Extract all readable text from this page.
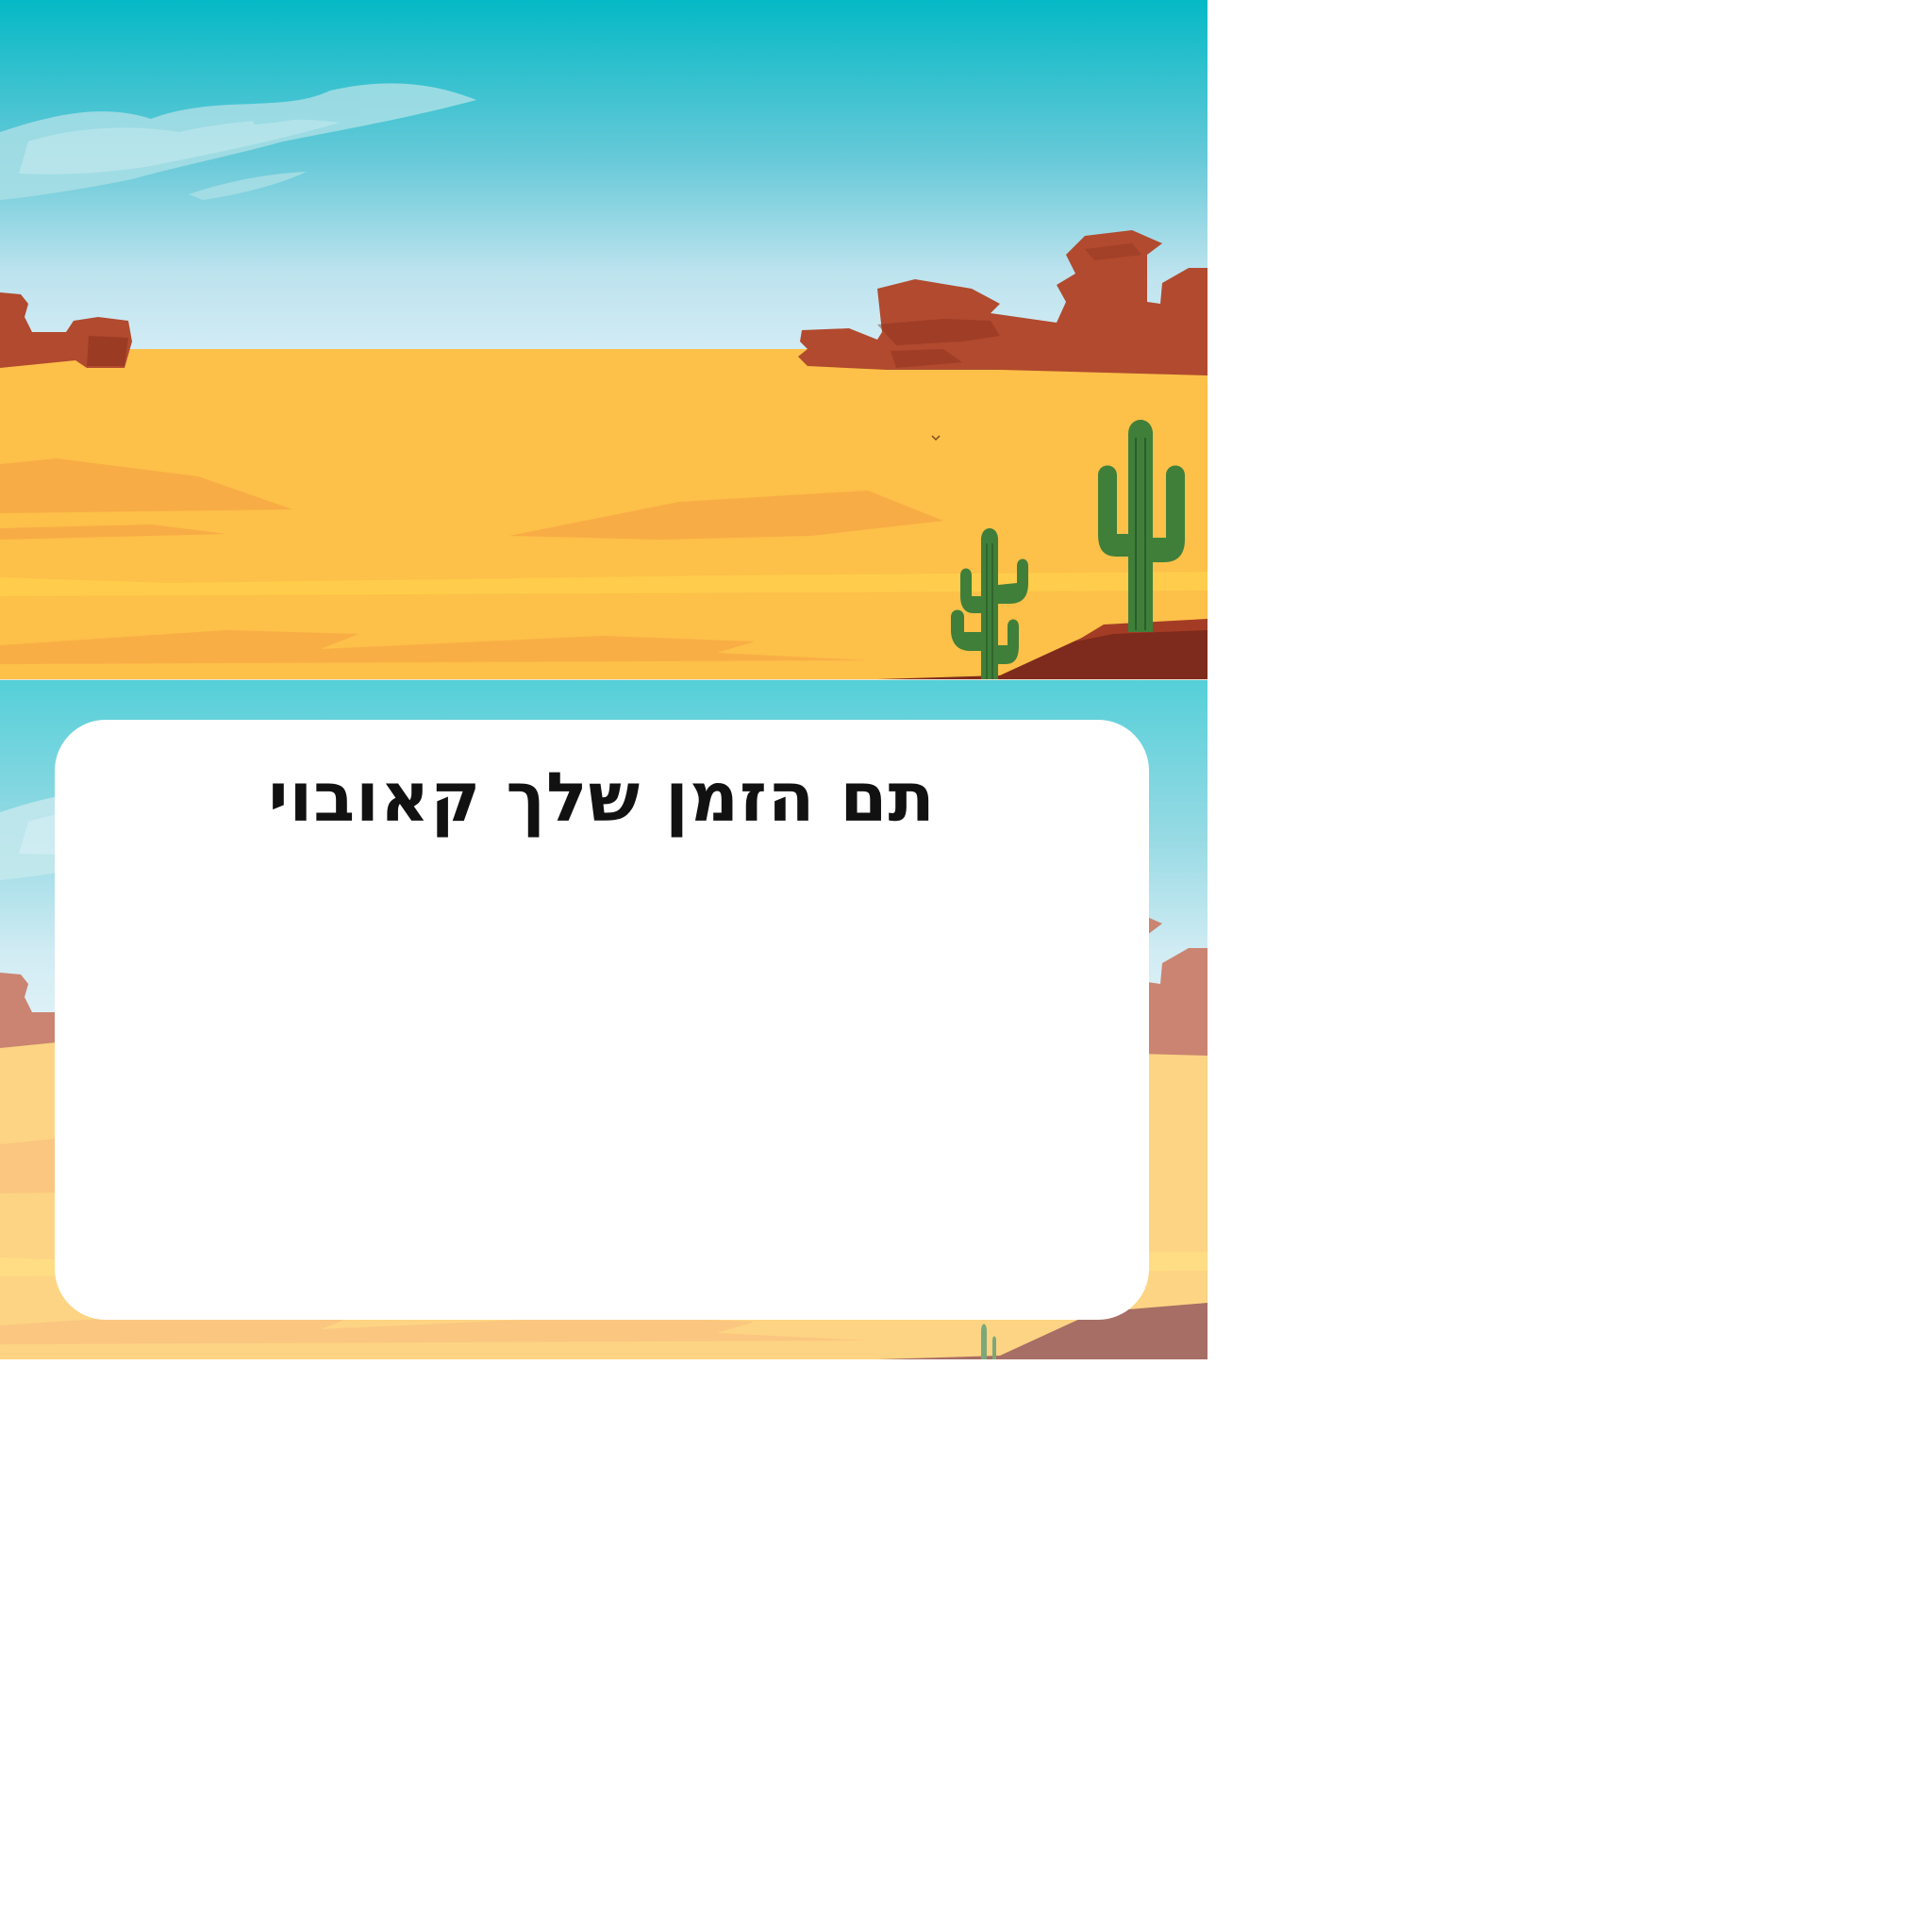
תם הזמן שלך קאובוי
